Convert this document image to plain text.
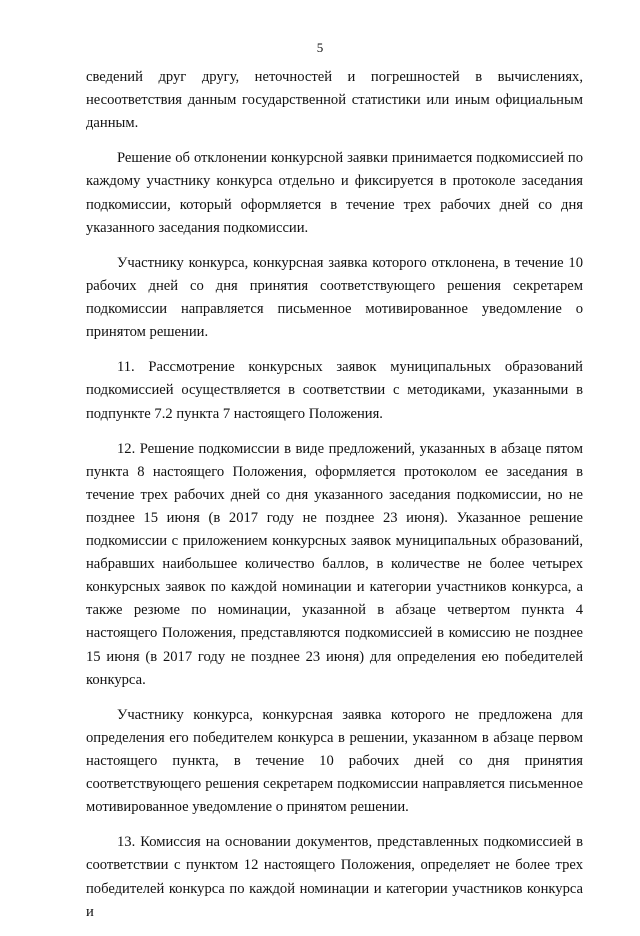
5

сведений друг другу, неточностей и погрешностей в вычислениях, несоответствия данным государственной статистики или иным официальным данным.

Решение об отклонении конкурсной заявки принимается подкомиссией по каждому участнику конкурса отдельно и фиксируется в протоколе заседания подкомиссии, который оформляется в течение трех рабочих дней со дня указанного заседания подкомиссии.

Участнику конкурса, конкурсная заявка которого отклонена, в течение 10 рабочих дней со дня принятия соответствующего решения секретарем подкомиссии направляется письменное мотивированное уведомление о принятом решении.

11. Рассмотрение конкурсных заявок муниципальных образований подкомиссией осуществляется в соответствии с методиками, указанными в подпункте 7.2 пункта 7 настоящего Положения.

12. Решение подкомиссии в виде предложений, указанных в абзаце пятом пункта 8 настоящего Положения, оформляется протоколом ее заседания в течение трех рабочих дней со дня указанного заседания подкомиссии, но не позднее 15 июня (в 2017 году не позднее 23 июня). Указанное решение подкомиссии с приложением конкурсных заявок муниципальных образований, набравших наибольшее количество баллов, в количестве не более четырех конкурсных заявок по каждой номинации и категории участников конкурса, а также резюме по номинации, указанной в абзаце четвертом пункта 4 настоящего Положения, представляются подкомиссией в комиссию не позднее 15 июня (в 2017 году не позднее 23 июня) для определения ею победителей конкурса.

Участнику конкурса, конкурсная заявка которого не предложена для определения его победителем конкурса в решении, указанном в абзаце первом настоящего пункта, в течение 10 рабочих дней со дня принятия соответствующего решения секретарем подкомиссии направляется письменное мотивированное уведомление о принятом решении.

13. Комиссия на основании документов, представленных подкомиссией в соответствии с пунктом 12 настоящего Положения, определяет не более трех победителей конкурса по каждой номинации и категории участников конкурса и
